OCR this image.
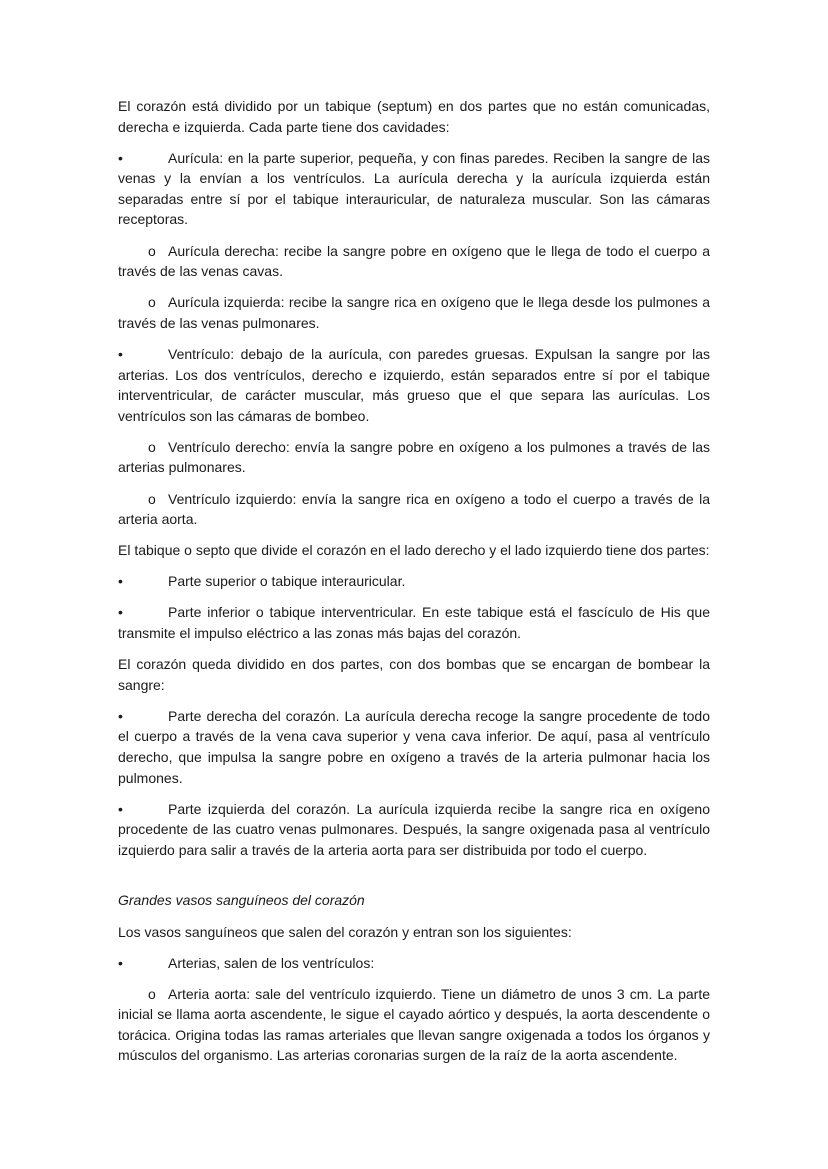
El corazón está dividido por un tabique (septum) en dos partes que no están comunicadas, derecha e izquierda. Cada parte tiene dos cavidades:

•	Aurícula: en la parte superior, pequeña, y con finas paredes. Reciben la sangre de las venas y la envían a los ventrículos. La aurícula derecha y la aurícula izquierda están separadas entre sí por el tabique interauricular, de naturaleza muscular. Son las cámaras receptoras.

o Aurícula derecha: recibe la sangre pobre en oxígeno que le llega de todo el cuerpo a través de las venas cavas.

o Aurícula izquierda: recibe la sangre rica en oxígeno que le llega desde los pulmones a través de las venas pulmonares.

•	Ventrículo: debajo de la aurícula, con paredes gruesas. Expulsan la sangre por las arterias. Los dos ventrículos, derecho e izquierdo, están separados entre sí por el tabique interventricular, de carácter muscular, más grueso que el que separa las aurículas. Los ventrículos son las cámaras de bombeo.

o Ventrículo derecho: envía la sangre pobre en oxígeno a los pulmones a través de las arterias pulmonares.

o Ventrículo izquierdo: envía la sangre rica en oxígeno a todo el cuerpo a través de la arteria aorta.

El tabique o septo que divide el corazón en el lado derecho y el lado izquierdo tiene dos partes:

•	Parte superior o tabique interauricular.

•	Parte inferior o tabique interventricular. En este tabique está el fascículo de His que transmite el impulso eléctrico a las zonas más bajas del corazón.

El corazón queda dividido en dos partes, con dos bombas que se encargan de bombear la sangre:

•	Parte derecha del corazón. La aurícula derecha recoge la sangre procedente de todo el cuerpo a través de la vena cava superior y vena cava inferior. De aquí, pasa al ventrículo derecho, que impulsa la sangre pobre en oxígeno a través de la arteria pulmonar hacia los pulmones.

•	Parte izquierda del corazón. La aurícula izquierda recibe la sangre rica en oxígeno procedente de las cuatro venas pulmonares. Después, la sangre oxigenada pasa al ventrículo izquierdo para salir a través de la arteria aorta para ser distribuida por todo el cuerpo.

Grandes vasos sanguíneos del corazón

Los vasos sanguíneos que salen del corazón y entran son los siguientes:

•	Arterias, salen de los ventrículos:

o Arteria aorta: sale del ventrículo izquierdo. Tiene un diámetro de unos 3 cm. La parte inicial se llama aorta ascendente, le sigue el cayado aórtico y después, la aorta descendente o torácica. Origina todas las ramas arteriales que llevan sangre oxigenada a todos los órganos y músculos del organismo. Las arterias coronarias surgen de la raíz de la aorta ascendente.
